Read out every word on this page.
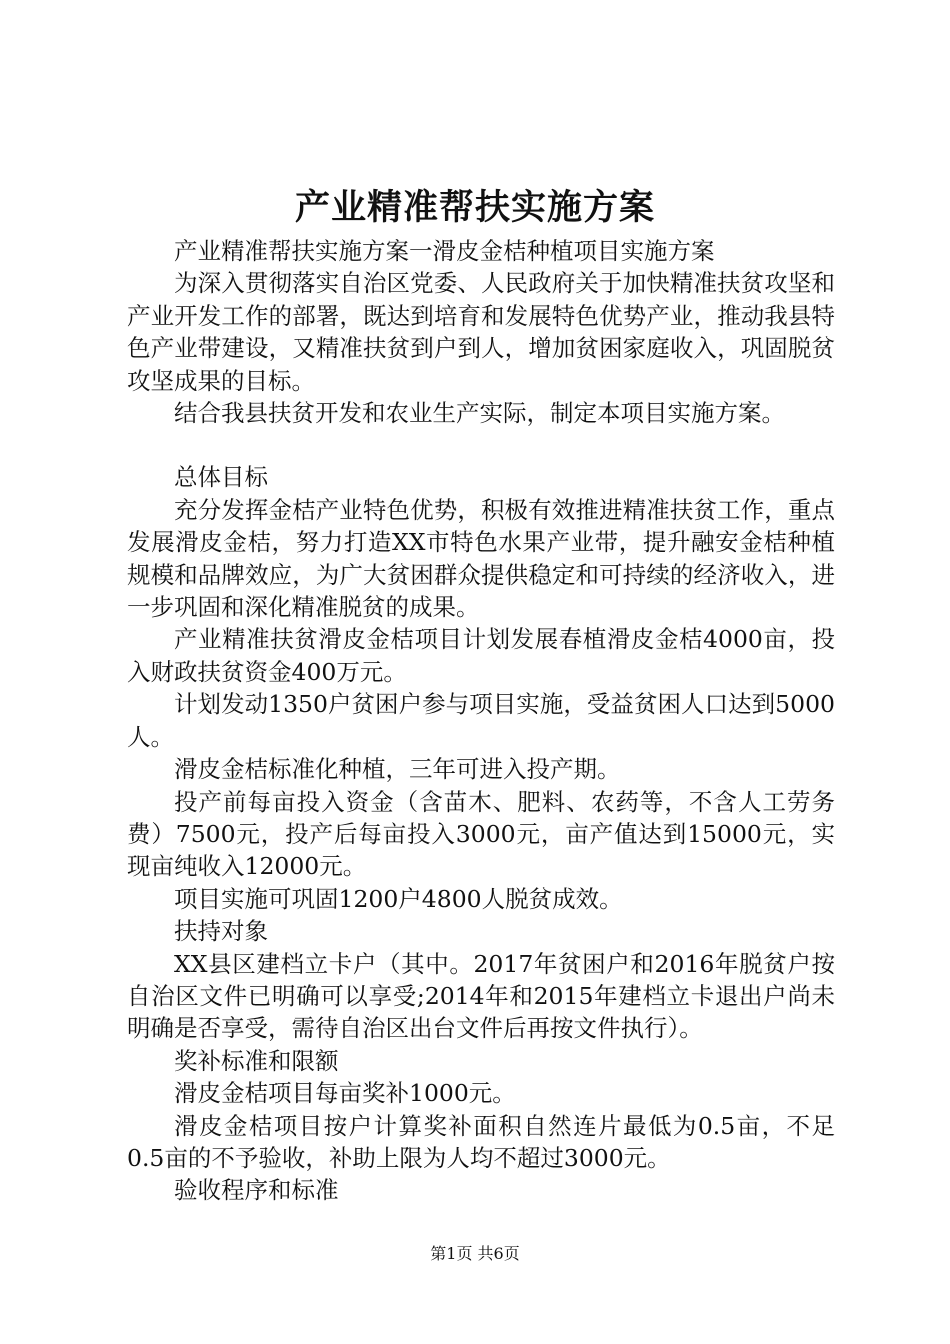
产业精准帮扶实施方案

产业精准帮扶实施方案一滑皮金桔种植项目实施方案

为深入贯彻落实自治区党委、人民政府关于加快精准扶贫攻坚和产业开发工作的部署，既达到培育和发展特色优势产业，推动我县特色产业带建设，又精准扶贫到户到人，增加贫困家庭收入，巩固脱贫攻坚成果的目标。

结合我县扶贫开发和农业生产实际，制定本项目实施方案。

总体目标

充分发挥金桔产业特色优势，积极有效推进精准扶贫工作，重点发展滑皮金桔，努力打造XX市特色水果产业带，提升融安金桔种植规模和品牌效应，为广大贫困群众提供稳定和可持续的经济收入，进一步巩固和深化精准脱贫的成果。

产业精准扶贫滑皮金桔项目计划发展春植滑皮金桔4000亩，投入财政扶贫资金400万元。

计划发动1350户贫困户参与项目实施，受益贫困人口达到5000人。

滑皮金桔标准化种植，三年可进入投产期。

投产前每亩投入资金（含苗木、肥料、农药等，不含人工劳务费）7500元，投产后每亩投入3000元，亩产值达到15000元，实现亩纯收入12000元。

项目实施可巩固1200户4800人脱贫成效。

扶持对象

XX县区建档立卡户（其中。2017年贫困户和2016年脱贫户按自治区文件已明确可以享受;2014年和2015年建档立卡退出户尚未明确是否享受，需待自治区出台文件后再按文件执行）。

奖补标准和限额

滑皮金桔项目每亩奖补1000元。

滑皮金桔项目按户计算奖补面积自然连片最低为0.5亩，不足0.5亩的不予验收，补助上限为人均不超过3000元。

验收程序和标准

第1页 共6页
